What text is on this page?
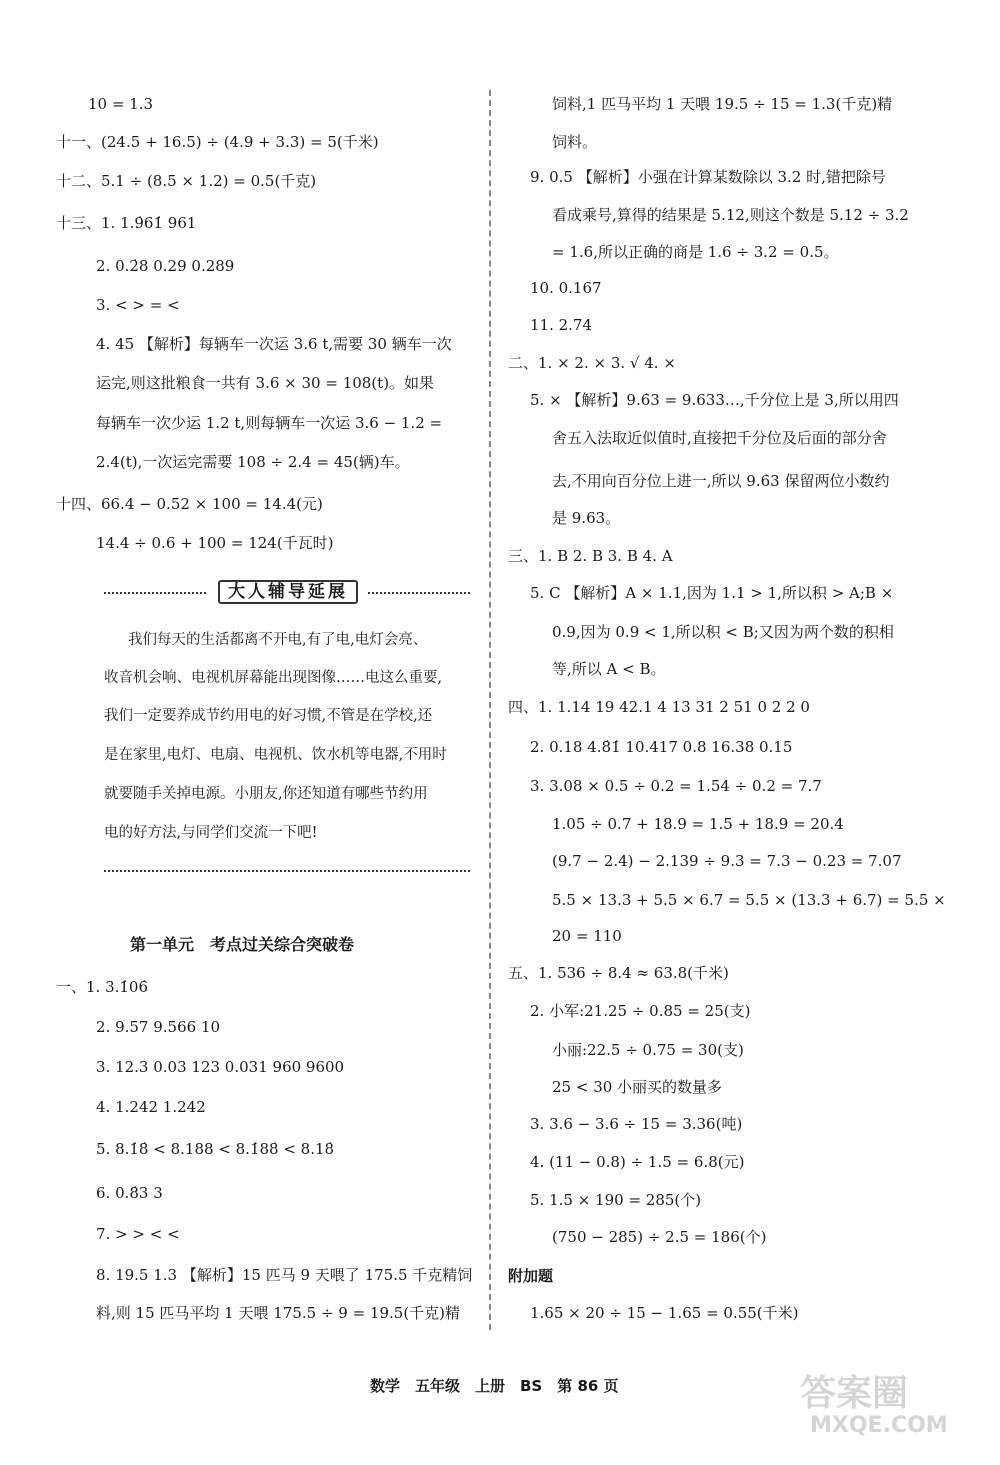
10 = 1.3
十一、(24.5 + 16.5) ÷ (4.9 + 3.3) = 5(千米)
十二、5.1 ÷ (8.5 × 1.2) = 0.5(千克)
十三、1. 1.9̇61̇ 961
2. 0.2̇8 0.29 0.289
3. < > = <
4. 45 【解析】每辆车一次运 3.6 t,需要 30 辆车一次
运完,则这批粮食一共有 3.6 × 30 = 108(t)。如果
每辆车一次少运 1.2 t,则每辆车一次运 3.6 − 1.2 =
2.4(t),一次运完需要 108 ÷ 2.4 = 45(辆)车。
十四、66.4 − 0.52 × 100 = 14.4(元)
14.4 ÷ 0.6 + 100 = 124(千瓦时)
大人辅导延展
我们每天的生活都离不开电,有了电,电灯会亮、
收音机会响、电视机屏幕能出现图像……电这么重要,
我们一定要养成节约用电的好习惯,不管是在学校,还
是在家里,电灯、电扇、电视机、饮水机等电器,不用时
就要随手关掉电源。小朋友,你还知道有哪些节约用
电的好方法,与同学们交流一下吧!
第一单元　考点过关综合突破卷
一、1. 3.1̇06̇
2. 9.57 9.566 10
3. 12.3 0.03 123 0.031 960 9600
4. 1.242 1.242
5. 8.1̇8̇ < 8.188 < 8.1̇88̇ < 8.18̇
6. 0.8̇3 3
7. > > < <
8. 19.5 1.3 【解析】15 匹马 9 天喂了 175.5 千克精饲
料,则 15 匹马平均 1 天喂 175.5 ÷ 9 = 19.5(千克)精
饲料,1 匹马平均 1 天喂 19.5 ÷ 15 = 1.3(千克)精
饲料。
9. 0.5 【解析】小强在计算某数除以 3.2 时,错把除号
看成乘号,算得的结果是 5.12,则这个数是 5.12 ÷ 3.2
= 1.6,所以正确的商是 1.6 ÷ 3.2 = 0.5。
10. 0.167
11. 2.74
二、1. × 2. × 3. √ 4. ×
5. × 【解析】9.6̇3 = 9.633…,千分位上是 3,所以用四
舍五入法取近似值时,直接把千分位及后面的部分舍
去,不用向百分位上进一,所以 9.6̇3 保留两位小数约
是 9.63。
三、1. B 2. B 3. B 4. A
5. C 【解析】A × 1.1,因为 1.1 > 1,所以积 > A;B ×
0.9,因为 0.9 < 1,所以积 < B;又因为两个数的积相
等,所以 A < B。
四、1. 1.14 19 42.1 4 13 31 2 51 0 2 2 0
2. 0.18 4.8̇1̇ 10.417 0.8 16.38 0.15
3. 3.08 × 0.5 ÷ 0.2 = 1.54 ÷ 0.2 = 7.7
1.05 ÷ 0.7 + 18.9 = 1.5 + 18.9 = 20.4
(9.7 − 2.4) − 2.139 ÷ 9.3 = 7.3 − 0.23 = 7.07
5.5 × 13.3 + 5.5 × 6.7 = 5.5 × (13.3 + 6.7) = 5.5 ×
20 = 110
五、1. 536 ÷ 8.4 ≈ 63.8(千米)
2. 小军:21.25 ÷ 0.85 = 25(支)
小丽:22.5 ÷ 0.75 = 30(支)
25 < 30 小丽买的数量多
3. 3.6 − 3.6 ÷ 15 = 3.36(吨)
4. (11 − 0.8) ÷ 1.5 = 6.8(元)
5. 1.5 × 190 = 285(个)
(750 − 285) ÷ 2.5 = 186(个)
附加题
1.65 × 20 ÷ 15 − 1.65 = 0.55(千米)
数学　五年级　上册　BS　第 86 页	答案圈
MXQE.COM
